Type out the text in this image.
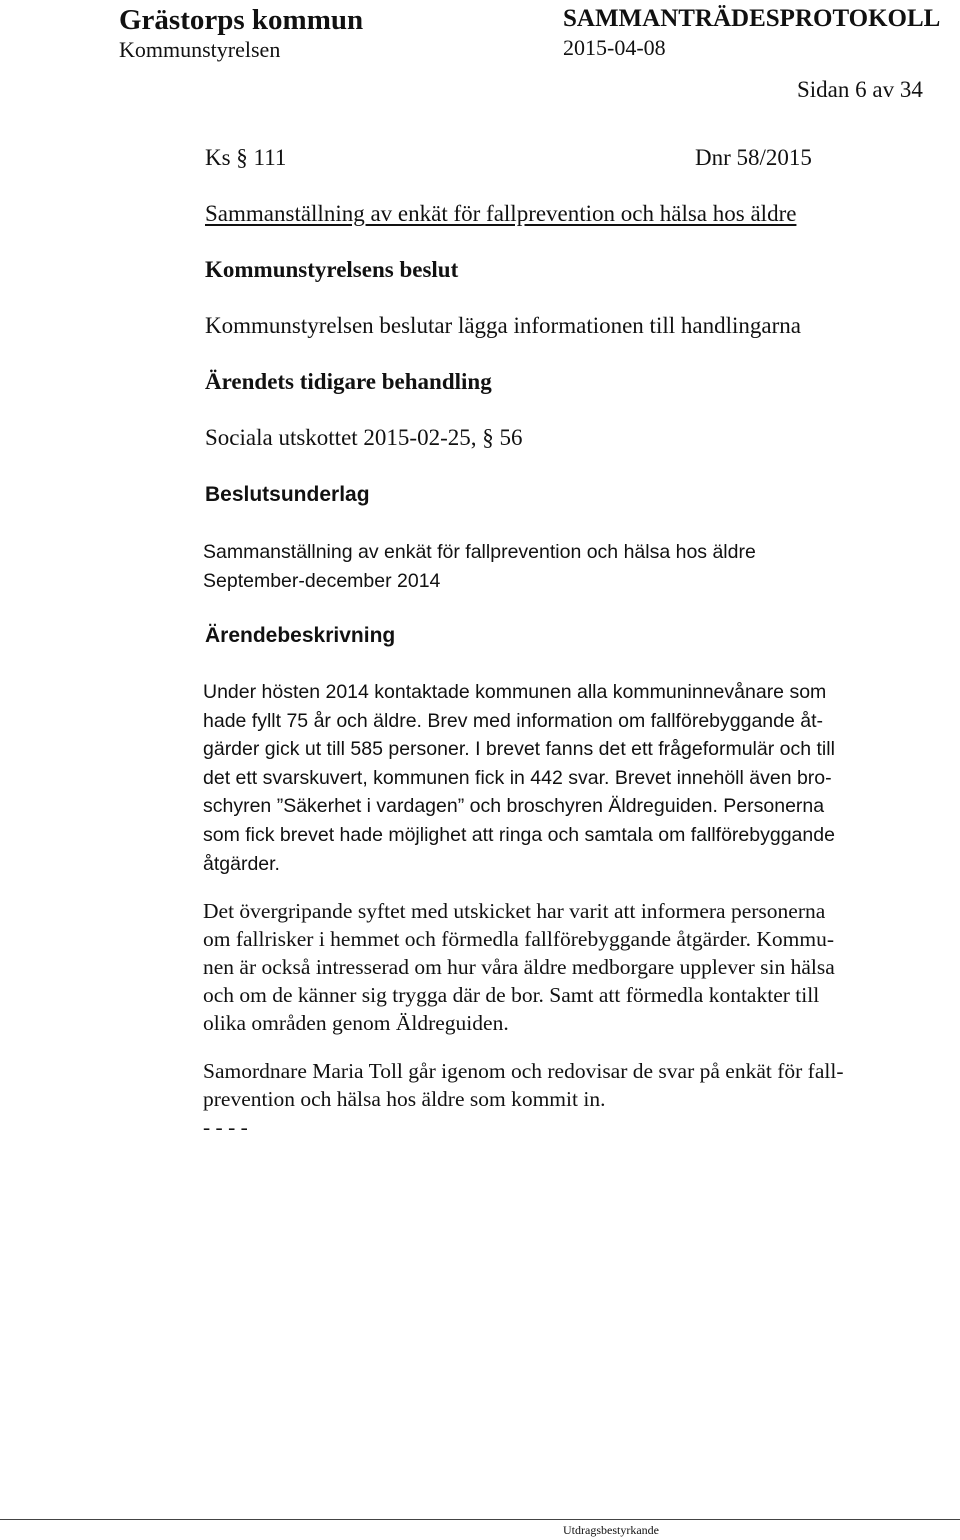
Grästorps kommun
Kommunstyrelsen
SAMMANTRÄDESPROTOKOLL
2015-04-08
Sidan 6 av 34
Ks § 111	Dnr 58/2015
Sammanställning av enkät för fallprevention och hälsa hos äldre
Kommunstyrelsens beslut
Kommunstyrelsen beslutar lägga informationen till handlingarna
Ärendets tidigare behandling
Sociala utskottet 2015-02-25, § 56
Beslutsunderlag
Sammanställning av enkät för fallprevention och hälsa hos äldre
September-december 2014
Ärendebeskrivning
Under hösten 2014 kontaktade kommunen alla kommuninnevånare som
hade fyllt 75 år och äldre. Brev med information om fallförebyggande åt-
gärder gick ut till 585 personer. I brevet fanns det ett frågeformulär och till
det ett svarskuvert, kommunen fick in 442 svar. Brevet innehöll även bro-
schyren ”Säkerhet i vardagen” och broschyren Äldreguiden. Personerna
som fick brevet hade möjlighet att ringa och samtala om fallförebyggande
åtgärder.
Det övergripande syftet med utskicket har varit att informera personerna
om fallrisker i hemmet och förmedla fallförebyggande åtgärder. Kommu-
nen är också intresserad om hur våra äldre medborgare upplever sin hälsa
och om de känner sig trygga där de bor. Samt att förmedla kontakter till
olika områden genom Äldreguiden.
Samordnare Maria Toll går igenom och redovisar de svar på enkät för fall-
prevention och hälsa hos äldre som kommit in.
- - - -
Utdragsbestyrkande
